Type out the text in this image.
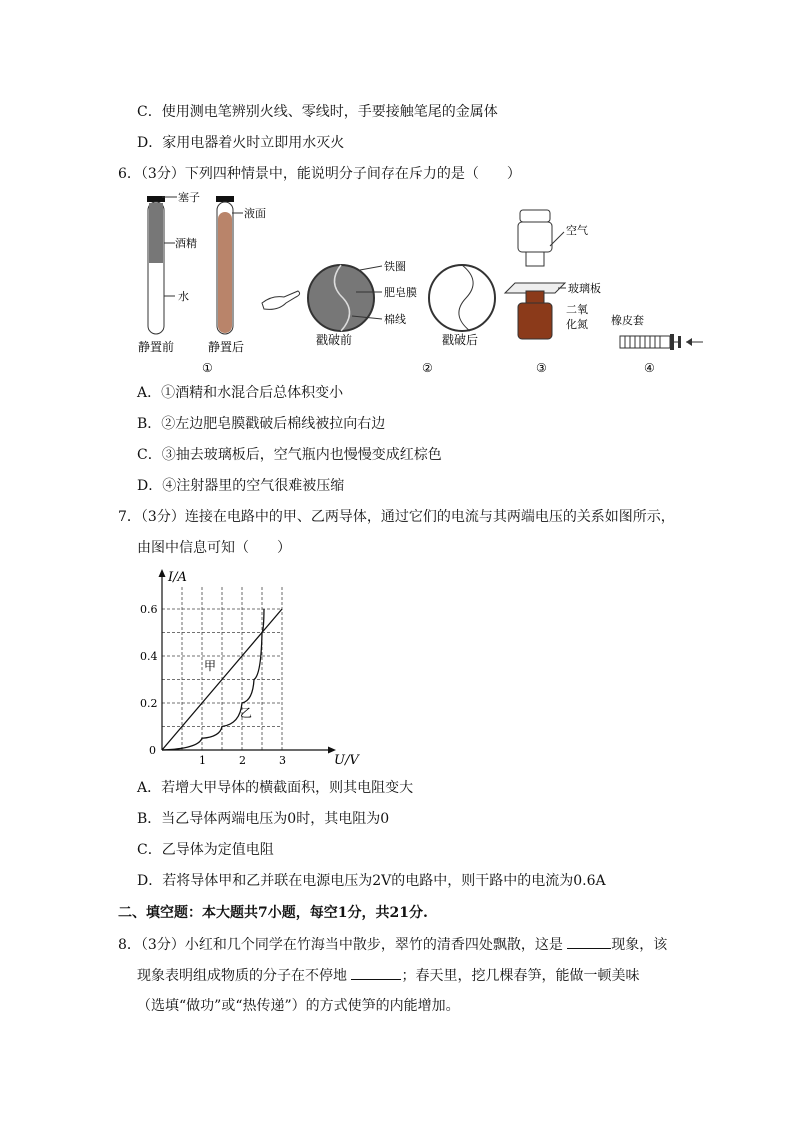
C．使用测电笔辨别火线、零线时，手要接触笔尾的金属体
D．家用电器着火时立即用水灭火
6．（3分）下列四种情景中，能说明分子间存在斥力的是（　　）
酒精
水
塞子
液面
静置前	静置后
①
铁圈
肥皂膜
棉线
戳破前	戳破后
②
空气
玻璃板
二氧
化氮
③
橡皮套
④
A．①酒精和水混合后总体积变小
B．②左边肥皂膜戳破后棉线被拉向右边
C．③抽去玻璃板后，空气瓶内也慢慢变成红棕色
D．④注射器里的空气很难被压缩
7．（3分）连接在电路中的甲、乙两导体，通过它们的电流与其两端电压的关系如图所示，
由图中信息可知（　　）
1	2	3
0.2
0.4
0.6
0
I/A
U/V
甲
乙
A．若增大甲导体的横截面积，则其电阻变大
B．当乙导体两端电压为0时，其电阻为0
C．乙导体为定值电阻
D．若将导体甲和乙并联在电源电压为2V的电路中，则干路中的电流为0.6A
二、填空题：本大题共7小题，每空1分，共21分.
8．（3分）小红和几个同学在竹海当中散步，翠竹的清香四处飘散，这是	现象，该
现象表明组成物质的分子在不停地	；春天里，挖几棵春笋，能做一顿美味
（选填“做功”或“热传递”）的方式使笋的内能增加。
